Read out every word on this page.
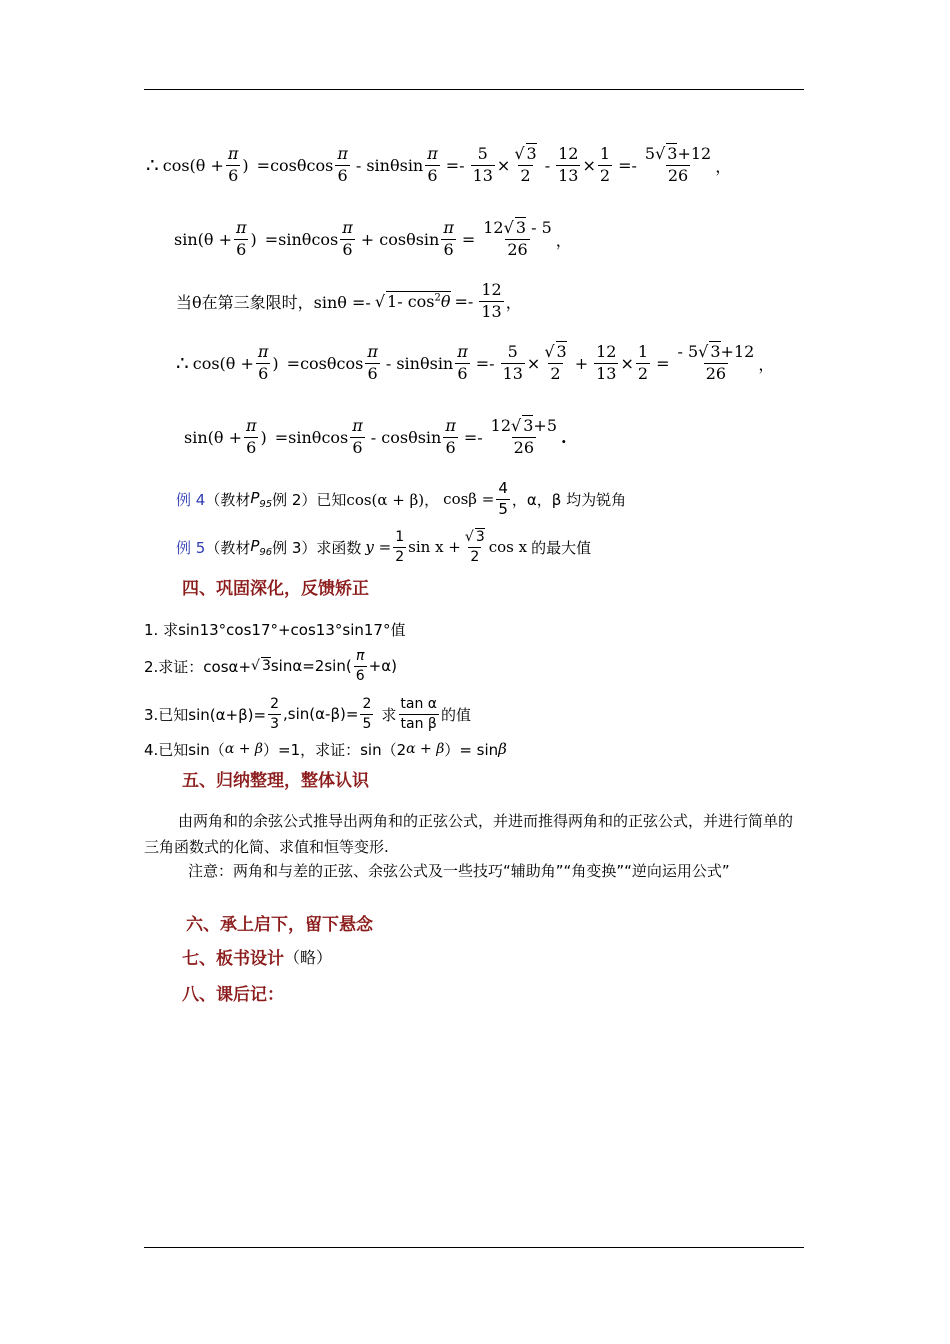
∴ $\cos(\theta + \frac{\pi}{6}$ ) $=\cos\theta\cos \frac{\pi}{6} - \sin\theta\sin \frac{\pi}{6} =- \frac{5}{13} \times \frac{√ 3}{2} - \frac{12}{13} \times \frac{1}{2} =- \frac{5√ 3+12}{26}$ ，
$\sin(\theta + \frac{\pi}{6}$ ) $=\sin\theta\cos \frac{\pi}{6} + \cos\theta\sin \frac{\pi}{6} = \frac{12√ 3 - 5}{26}$ ，
当θ在第三象限时，sinθ =- √ 1- $\cos^2\theta =- \frac{12}{13}$ ，
∴ $\cos(\theta + \frac{\pi}{6}$ ) $=\cos\theta\cos \frac{\pi}{6} - \sin\theta\sin \frac{\pi}{6} =- \frac{5}{13} \times \frac{√ 3}{2} + \frac{12}{13} \times \frac{1}{2} = \frac{- 5√ 3+12}{26}$ ，
$\sin(\theta + \frac{\pi}{6}$ ) $=\sin\theta\cos \frac{\pi}{6} - \cos\theta\sin \frac{\pi}{6} =- \frac{12√ 3+5}{26}$ .
例 4 （教材 $P_{95}$ 例 2）已知 cos(α + β)， $\cos\beta = \frac{4}{5}$ ，α，β 均为锐角
例 5 （教材 $P_{96}$ 例 3）求函数 $y = \frac{1}{2}$ $\sin x + \frac{√ 3}{2}$ cos x 的最大值
四、巩固深化，反馈矫正
1. 求sin13°cos17°+cos13°sin17°值
2.求证：cosα+ √ 3 $\sin\alpha=2\sin( \frac{\pi}{6} +\alpha)$
3.已知$\sin(\alpha+\beta)= \frac{2}{3} ,\sin(\alpha-\beta)= \frac{2}{5}$ 求 $\frac{\text{tan α}}{\text{tan β}}$ 的值
4.已知sin（ α + β ）=1，求证：sin（2 α + β ）= sin β
五、归纳整理，整体认识
由两角和的余弦公式推导出两角和的正弦公式，并进而推得两角和的正弦公式，并进行简单的三角函数式的化简、求值和恒等变形.
注意：两角和与差的正弦、余弦公式及一些技巧“辅助角”“角变换”“逆向运用公式”
六、承上启下，留下悬念
七、板书设计 （略）
八、课后记：
